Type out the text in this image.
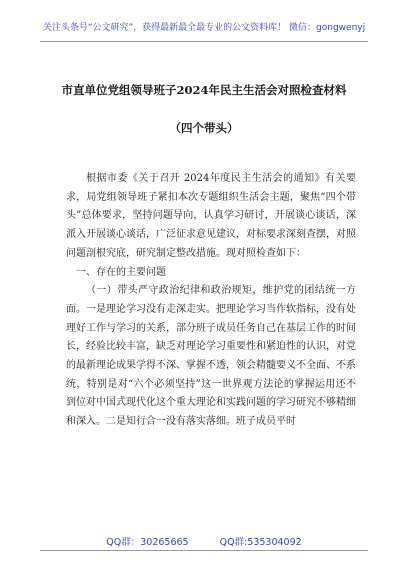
关注头条号“公文研究”，获得最新最全最专业的公文资料库！ 微信：gongwenyj
市直单位党组领导班子2024年民主生活会对照检查材料
（四个带头）

根据市委《关于召开 2024年度民主生活会的通知》有关要求，局党组领导班子紧扣本次专题组织生活会主题，聚焦“四个带头”总体要求，坚持问题导向，认真学习研讨，开展谈心谈话，深派入开展谈心谈话，广泛征求意见建议，对标要求深刻查摆，对照问题剖根究底，研究制定整改措施。现对照检查如下：

一、存在的主要问题

（一）带头严守政治纪律和政治规矩，维护党的团结统一方面。一是理论学习没有走深走实。把理论学习当作软指标，没有处理好工作与学习的关系，部分班子成员任务自己在基层工作的时间长，经验比较丰富，缺乏对理论学习重要性和紧迫性的认识，对党的最新理论成果学得不深、掌握不透，领会精髓要义不全面、不系统，特别是对“六个必须坚持”这一世界观方法论的掌握运用还不到位对中国式现代化这个重大理论和实践问题的学习研究不够精细和深入。二是知行合一没有落实落细。班子成员平时

QQ群：30265665	QQ群:535304092
